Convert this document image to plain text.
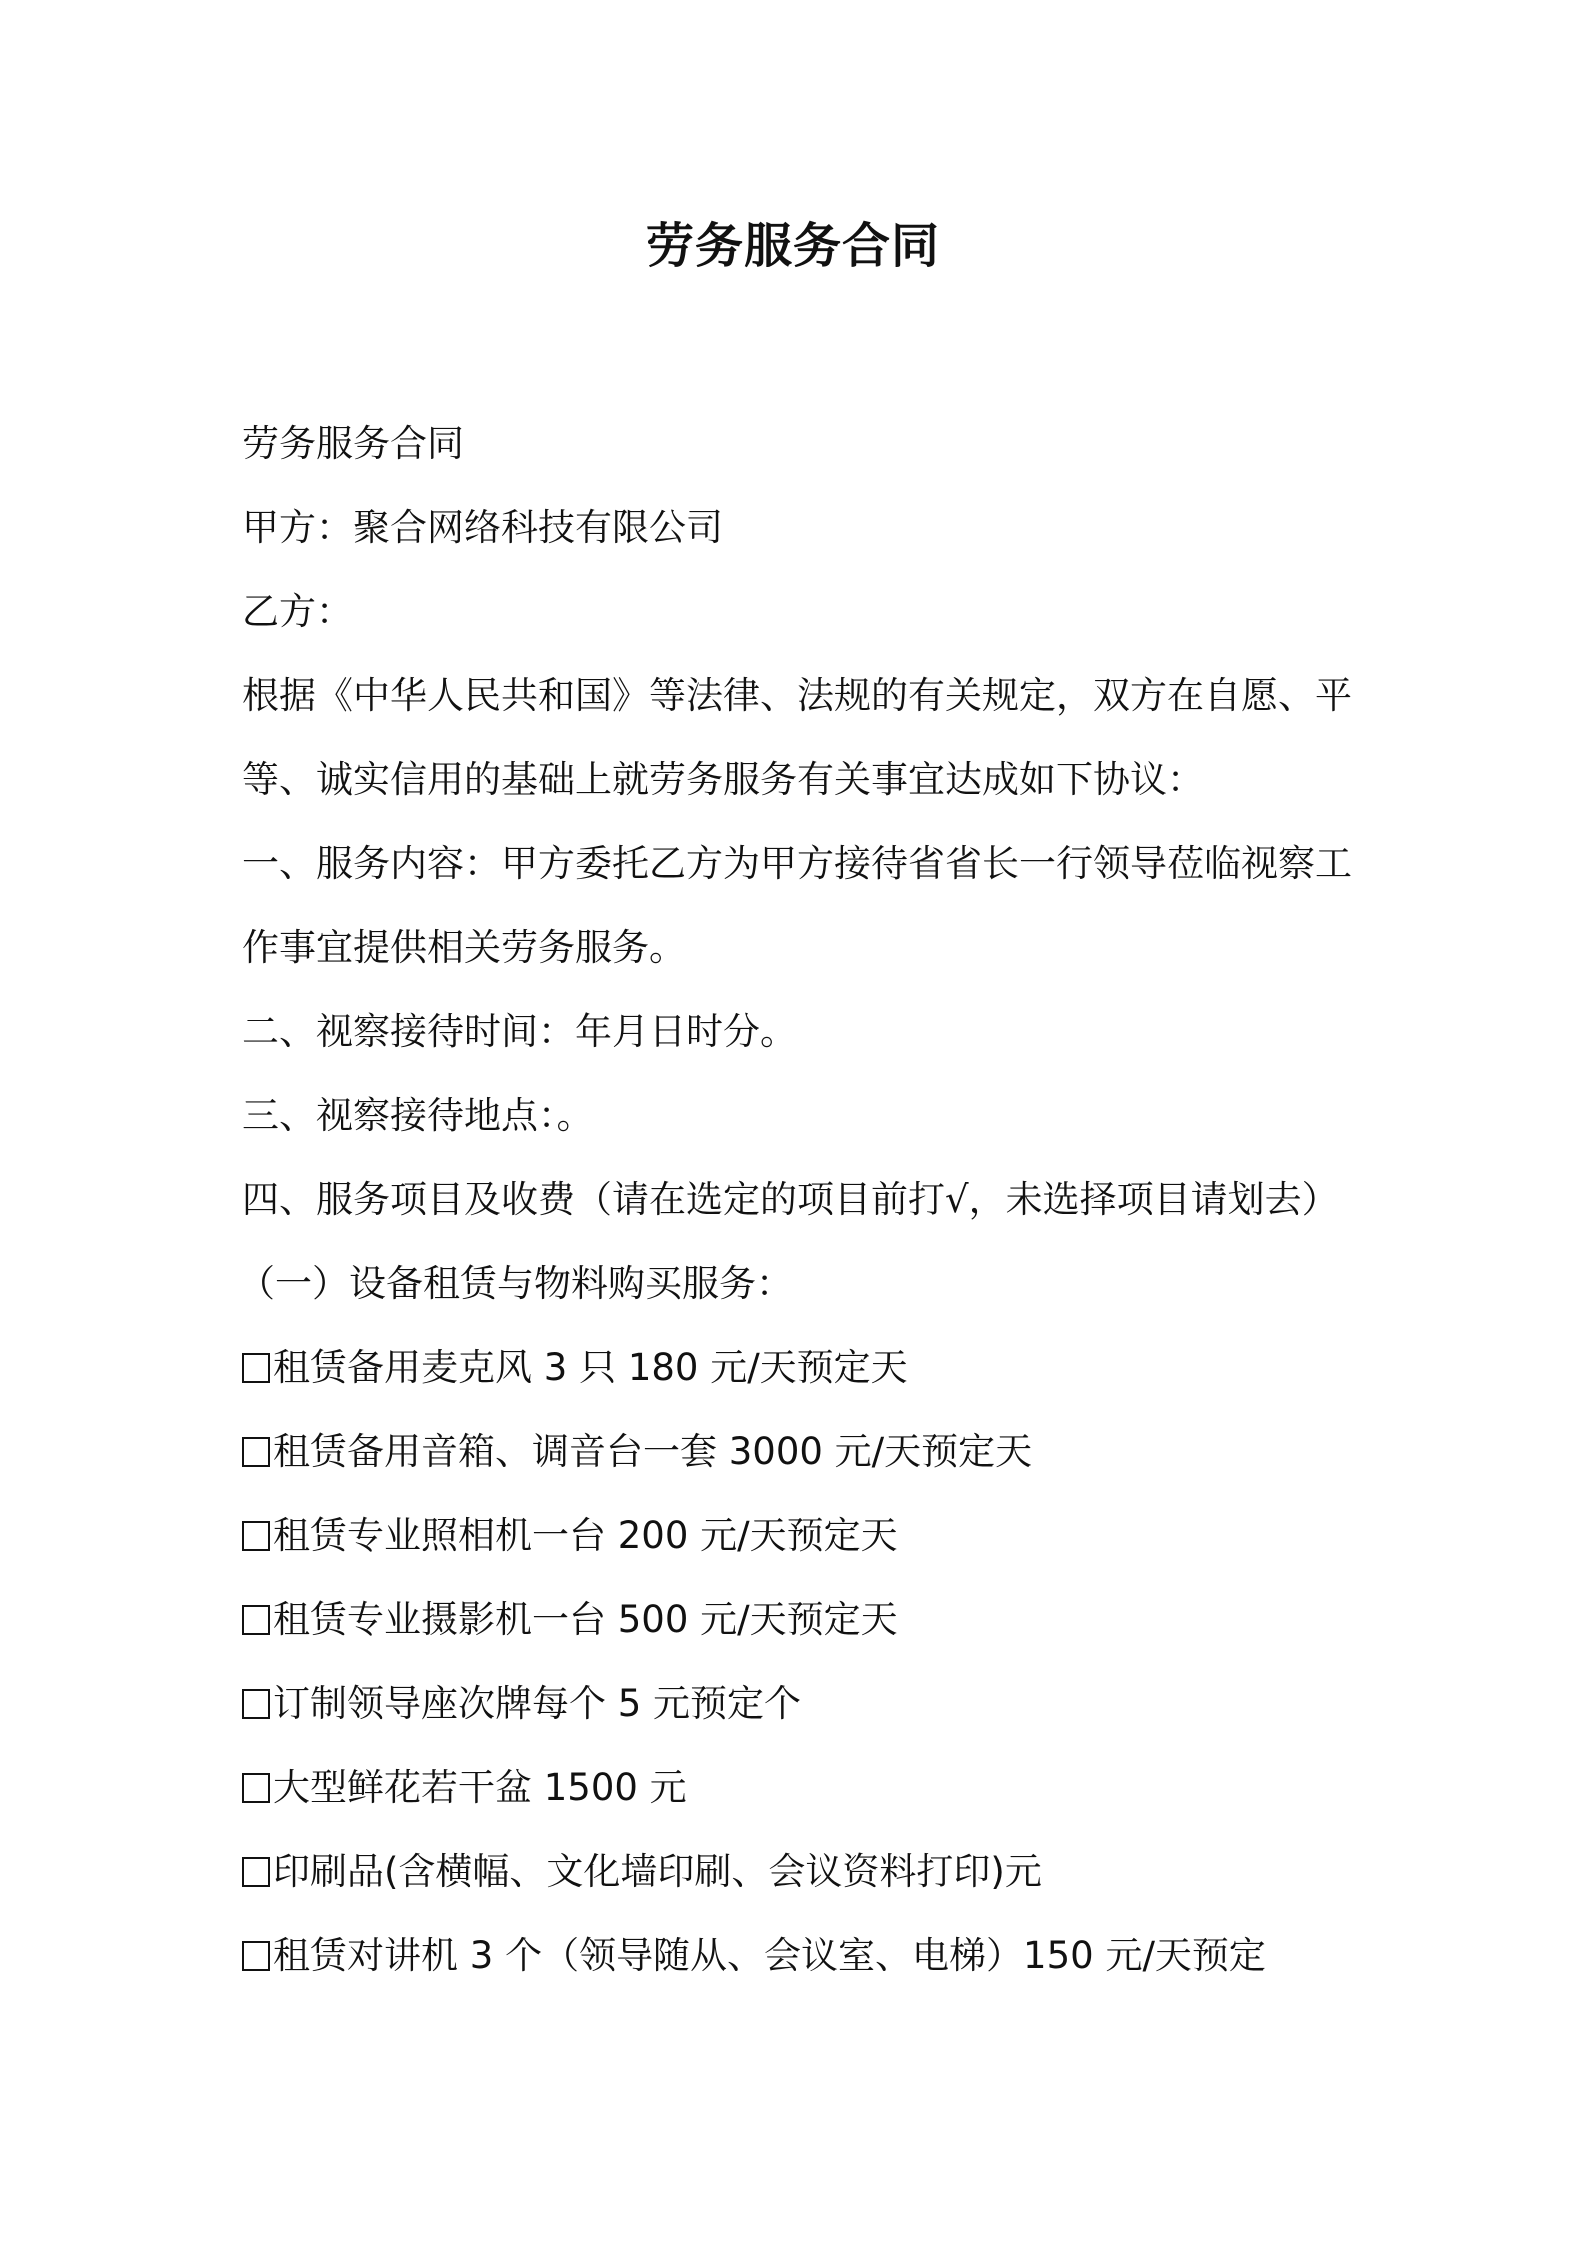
劳务服务合同

劳务服务合同

甲方：聚合网络科技有限公司

乙方：

根据《中华人民共和国》等法律、法规的有关规定，双方在自愿、平

等、诚实信用的基础上就劳务服务有关事宜达成如下协议：

一、服务内容：甲方委托乙方为甲方接待省省长一行领导莅临视察工

作事宜提供相关劳务服务。

二、视察接待时间：年月日时分。

三、视察接待地点：。

四、服务项目及收费（请在选定的项目前打√，未选择项目请划去）

（一）设备租赁与物料购买服务：

租赁备用麦克风 3 只 180 元/天预定天

租赁备用音箱、调音台一套 3000 元/天预定天

租赁专业照相机一台 200 元/天预定天

租赁专业摄影机一台 500 元/天预定天

订制领导座次牌每个 5 元预定个

大型鲜花若干盆 1500 元

印刷品(含横幅、文化墙印刷、会议资料打印)元

租赁对讲机 3 个（领导随从、会议室、电梯）150 元/天预定
